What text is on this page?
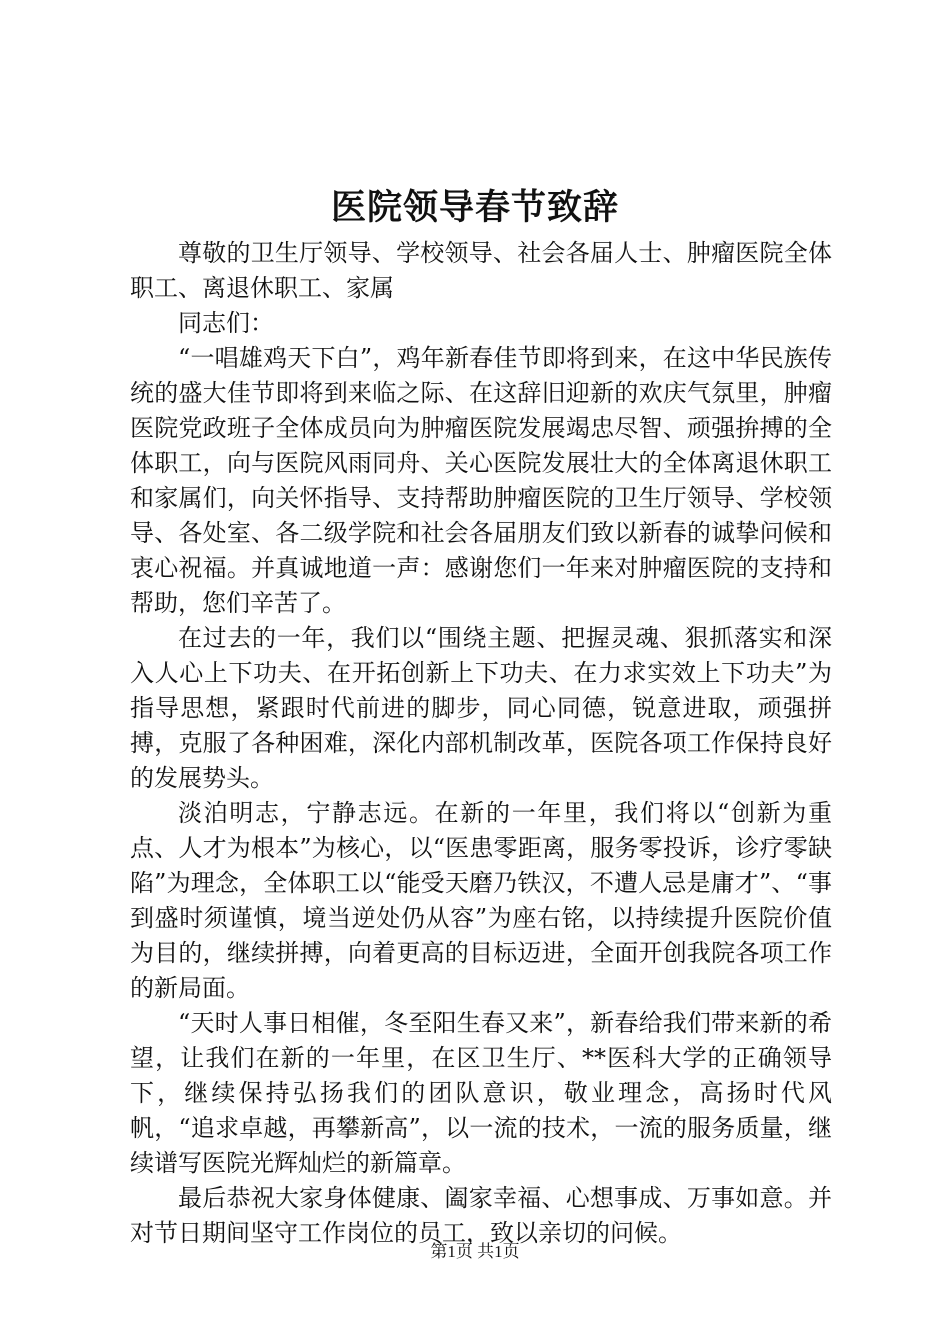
医院领导春节致辞

尊敬的卫生厅领导、学校领导、社会各届人士、肿瘤医院全体职工、离退休职工、家属

同志们：

“一唱雄鸡天下白”，鸡年新春佳节即将到来，在这中华民族传统的盛大佳节即将到来临之际、在这辞旧迎新的欢庆气氛里，肿瘤医院党政班子全体成员向为肿瘤医院发展竭忠尽智、顽强拚搏的全体职工，向与医院风雨同舟、关心医院发展壮大的全体离退休职工和家属们，向关怀指导、支持帮助肿瘤医院的卫生厅领导、学校领导、各处室、各二级学院和社会各届朋友们致以新春的诚挚问候和衷心祝福。并真诚地道一声：感谢您们一年来对肿瘤医院的支持和帮助，您们辛苦了。

在过去的一年，我们以“围绕主题、把握灵魂、狠抓落实和深入人心上下功夫、在开拓创新上下功夫、在力求实效上下功夫”为指导思想，紧跟时代前进的脚步，同心同德，锐意进取，顽强拼搏，克服了各种困难，深化内部机制改革，医院各项工作保持良好的发展势头。

淡泊明志，宁静志远。在新的一年里，我们将以“创新为重点、人才为根本”为核心，以“医患零距离，服务零投诉，诊疗零缺陷”为理念，全体职工以“能受天磨乃铁汉，不遭人忌是庸才”、“事到盛时须谨慎，境当逆处仍从容”为座右铭，以持续提升医院价值为目的，继续拼搏，向着更高的目标迈进，全面开创我院各项工作的新局面。

“天时人事日相催，冬至阳生春又来”，新春给我们带来新的希望，让我们在新的一年里，在区卫生厅、**医科大学的正确领导下，继续保持弘扬我们的团队意识，敬业理念，高扬时代风帆，“追求卓越，再攀新高”，以一流的技术，一流的服务质量，继续谱写医院光辉灿烂的新篇章。

最后恭祝大家身体健康、阖家幸福、心想事成、万事如意。并对节日期间坚守工作岗位的员工，致以亲切的问候。

第1页 共1页
